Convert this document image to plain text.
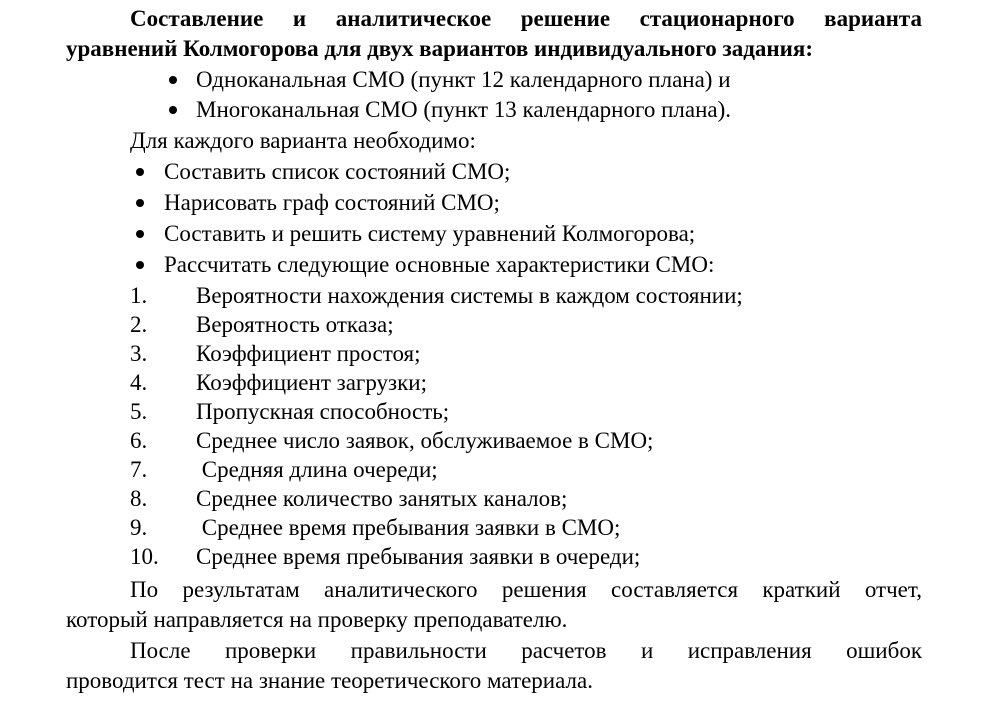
Составление и аналитическое решение стационарного варианта
уравнений Колмогорова для двух вариантов индивидуального задания:
Одноканальная СМО (пункт 12 календарного плана) и
Многоканальная СМО (пункт 13 календарного плана).
Для каждого варианта необходимо:
Составить список состояний СМО;
Нарисовать граф состояний СМО;
Составить и решить систему уравнений Колмогорова;
Рассчитать следующие основные характеристики СМО:
1. Вероятности нахождения системы в каждом состоянии;
2. Вероятность отказа;
3. Коэффициент простоя;
4. Коэффициент загрузки;
5. Пропускная способность;
6. Среднее число заявок, обслуживаемое в СМО;
7. Средняя длина очереди;
8. Среднее количество занятых каналов;
9. Среднее время пребывания заявки в СМО;
10. Среднее время пребывания заявки в очереди;
По результатам аналитического решения составляется краткий отчет,
который направляется на проверку преподавателю.
После проверки правильности расчетов и исправления ошибок
проводится тест на знание теоретического материала.
